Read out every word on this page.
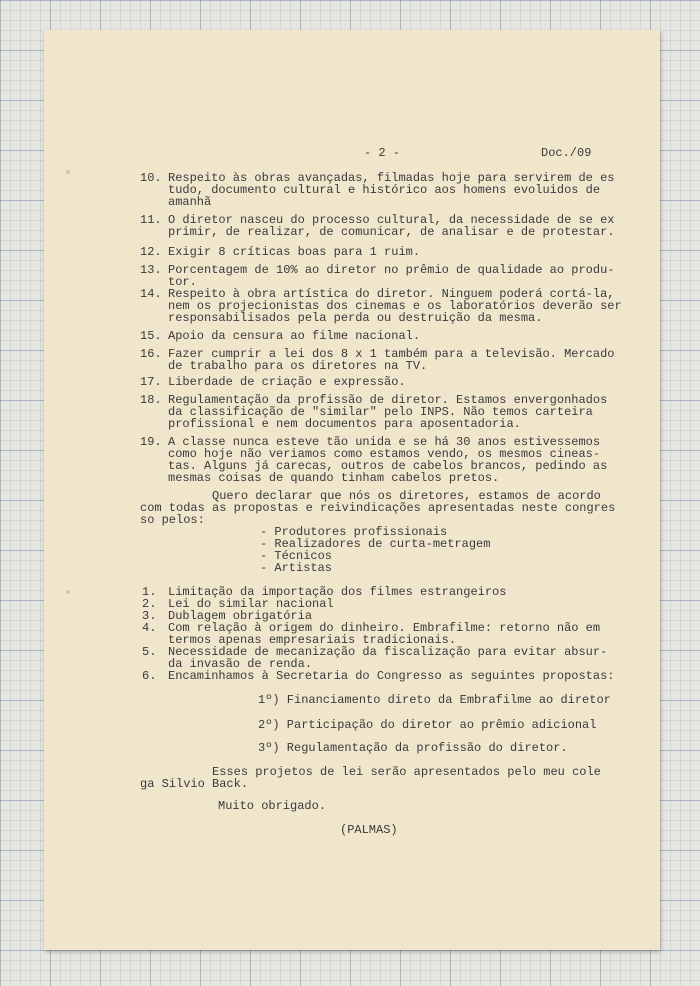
- 2 -	Doc./09
10. Respeito às obras avançadas, filmadas hoje para servirem de es
tudo, documento cultural e histórico aos homens evoluidos de
amanhã
11. O diretor nasceu do processo cultural, da necessidade de se ex
primir, de realizar, de comunicar, de analisar e de protestar.
12. Exigir 8 críticas boas para 1 ruim.
13. Porcentagem de 10% ao diretor no prêmio de qualidade ao produ-
tor.
14. Respeito à obra artística do diretor. Ninguem poderá cortá-la,
nem os projecionistas dos cinemas e os laboratórios deverão ser
responsabilisados pela perda ou destruição da mesma.
15. Apoio da censura ao filme nacional.
16. Fazer cumprir a lei dos 8 x 1 também para a televisão. Mercado
de trabalho para os diretores na TV.
17. Liberdade de criação e expressão.
18. Regulamentação da profissão de diretor. Estamos envergonhados
da classificação de "similar" pelo INPS. Não temos carteira
profissional e nem documentos para aposentadoria.
19. A classe nunca esteve tão unida e se há 30 anos estivessemos
como hoje não veriamos como estamos vendo, os mesmos cineas-
tas. Alguns já carecas, outros de cabelos brancos, pedindo as
mesmas coisas de quando tinham cabelos pretos.
Quero declarar que nós os diretores, estamos de acordo
com todas as propostas e reivindicações apresentadas neste congres
so pelos:
- Produtores profissionais
- Realizadores de curta-metragem
- Técnicos
- Artistas
1. Limitação da importação dos filmes estrangeiros
2. Lei do similar nacional
3. Dublagem obrigatória
4. Com relação à origem do dinheiro. Embrafilme: retorno não em
termos apenas empresariais tradicionais.
5. Necessidade de mecanização da fiscalização para evitar absur-
da invasão de renda.
6. Encaminhamos à Secretaria do Congresso as seguintes propostas:
1º) Financiamento direto da Embrafilme ao diretor
2º) Participação do diretor ao prêmio adicional
3º) Regulamentação da profissão do diretor.
Esses projetos de lei serão apresentados pelo meu cole
ga Silvio Back.
Muito obrigado.
(PALMAS)
